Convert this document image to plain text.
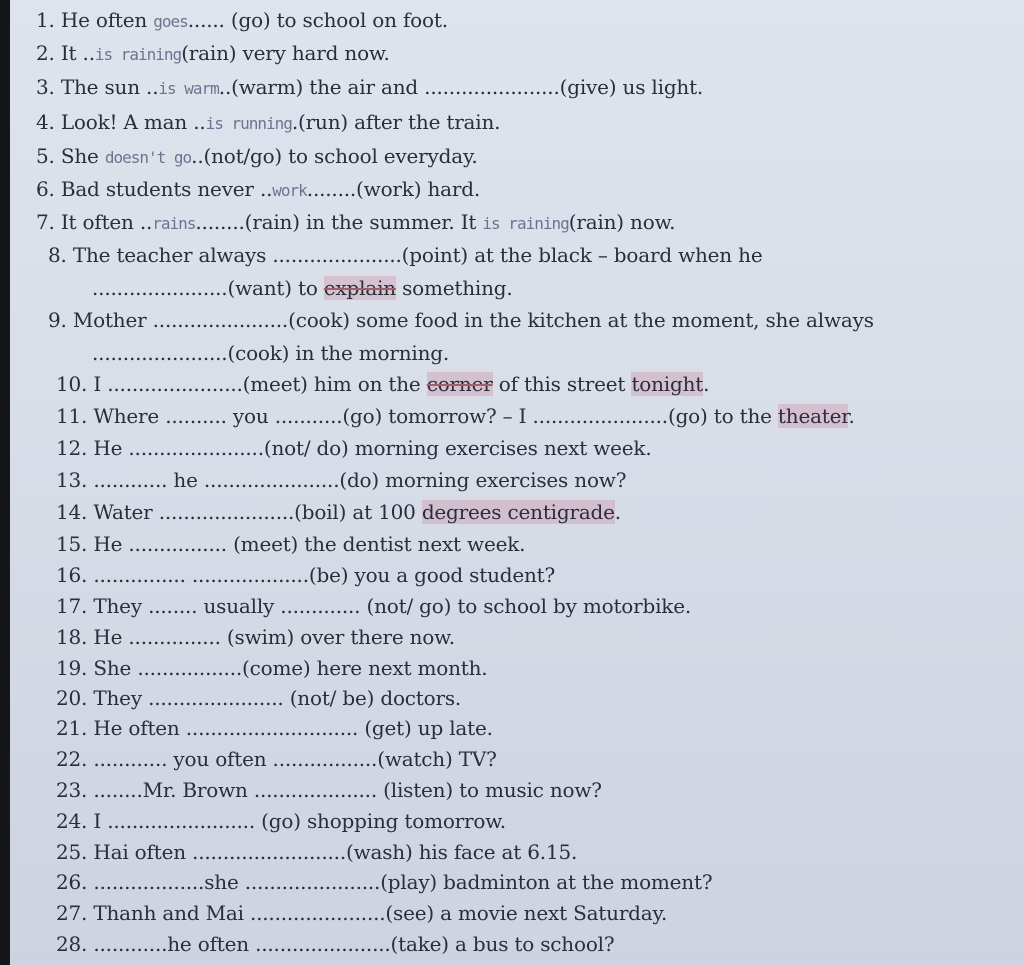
1. He often goes...... (go) to school on foot.
2. It ..is raining(rain) very hard now.
3. The sun ..is warm..(warm) the air and ......................(give) us light.
4. Look! A man ..is running.(run) after the train.
5. She doesn't go..(not/go) to school everyday.
6. Bad students never ..work........(work) hard.
7. It often ..rains........(rain) in the summer. It is raining(rain) now.
8. The teacher always .....................(point) at the black – board when he
......................(want) to explain something.
9. Mother ......................(cook) some food in the kitchen at the moment, she always
......................(cook) in the morning.
10. I ......................(meet) him on the corner of this street tonight.
11. Where .......... you ...........(go) tomorrow? – I ......................(go) to the theater.
12. He ......................(not/ do) morning exercises next week.
13. ............ he ......................(do) morning exercises now?
14. Water ......................(boil) at 100 degrees centigrade.
15. He ................ (meet) the dentist next week.
16. ............... ...................(be) you a good student?
17. They ........ usually ............. (not/ go) to school by motorbike.
18. He ............... (swim) over there now.
19. She .................(come) here next month.
20. They ...................... (not/ be) doctors.
21. He often ............................ (get) up late.
22. ............ you often .................(watch) TV?
23. ........Mr. Brown .................... (listen) to music now?
24. I ........................ (go) shopping tomorrow.
25. Hai often .........................(wash) his face at 6.15.
26. ..................she ......................(play) badminton at the moment?
27. Thanh and Mai ......................(see) a movie next Saturday.
28. ............he often ......................(take) a bus to school?
